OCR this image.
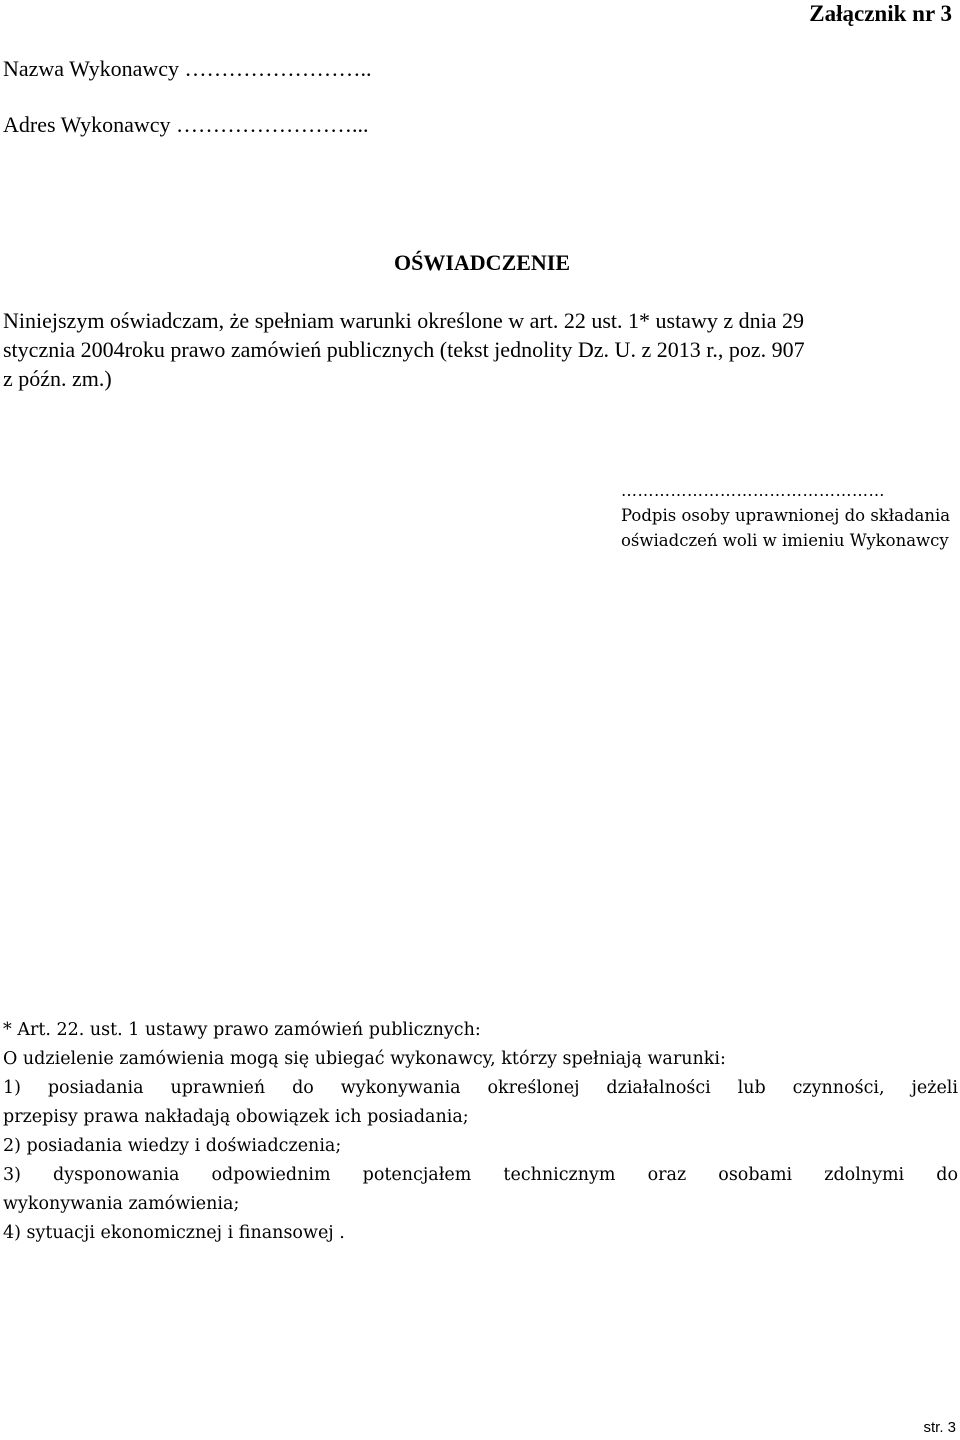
Załącznik nr 3
Nazwa Wykonawcy ……………………..
Adres Wykonawcy ……………………...
OŚWIADCZENIE
Niniejszym oświadczam, że spełniam warunki określone w art. 22 ust. 1* ustawy z dnia 29
stycznia 2004roku prawo zamówień publicznych (tekst jednolity Dz. U. z 2013 r., poz. 907
z późn. zm.)
…………………………………………
Podpis osoby uprawnionej do składania
oświadczeń woli w imieniu Wykonawcy
* Art. 22. ust. 1 ustawy prawo zamówień publicznych:
O udzielenie zamówienia mogą się ubiegać wykonawcy, którzy spełniają warunki:
1) posiadania uprawnień do wykonywania określonej działalności lub czynności, jeżeli
przepisy prawa nakładają obowiązek ich posiadania;
2) posiadania wiedzy i doświadczenia;
3) dysponowania odpowiednim potencjałem technicznym oraz osobami zdolnymi do
wykonywania zamówienia;
4) sytuacji ekonomicznej i finansowej .
str. 3
